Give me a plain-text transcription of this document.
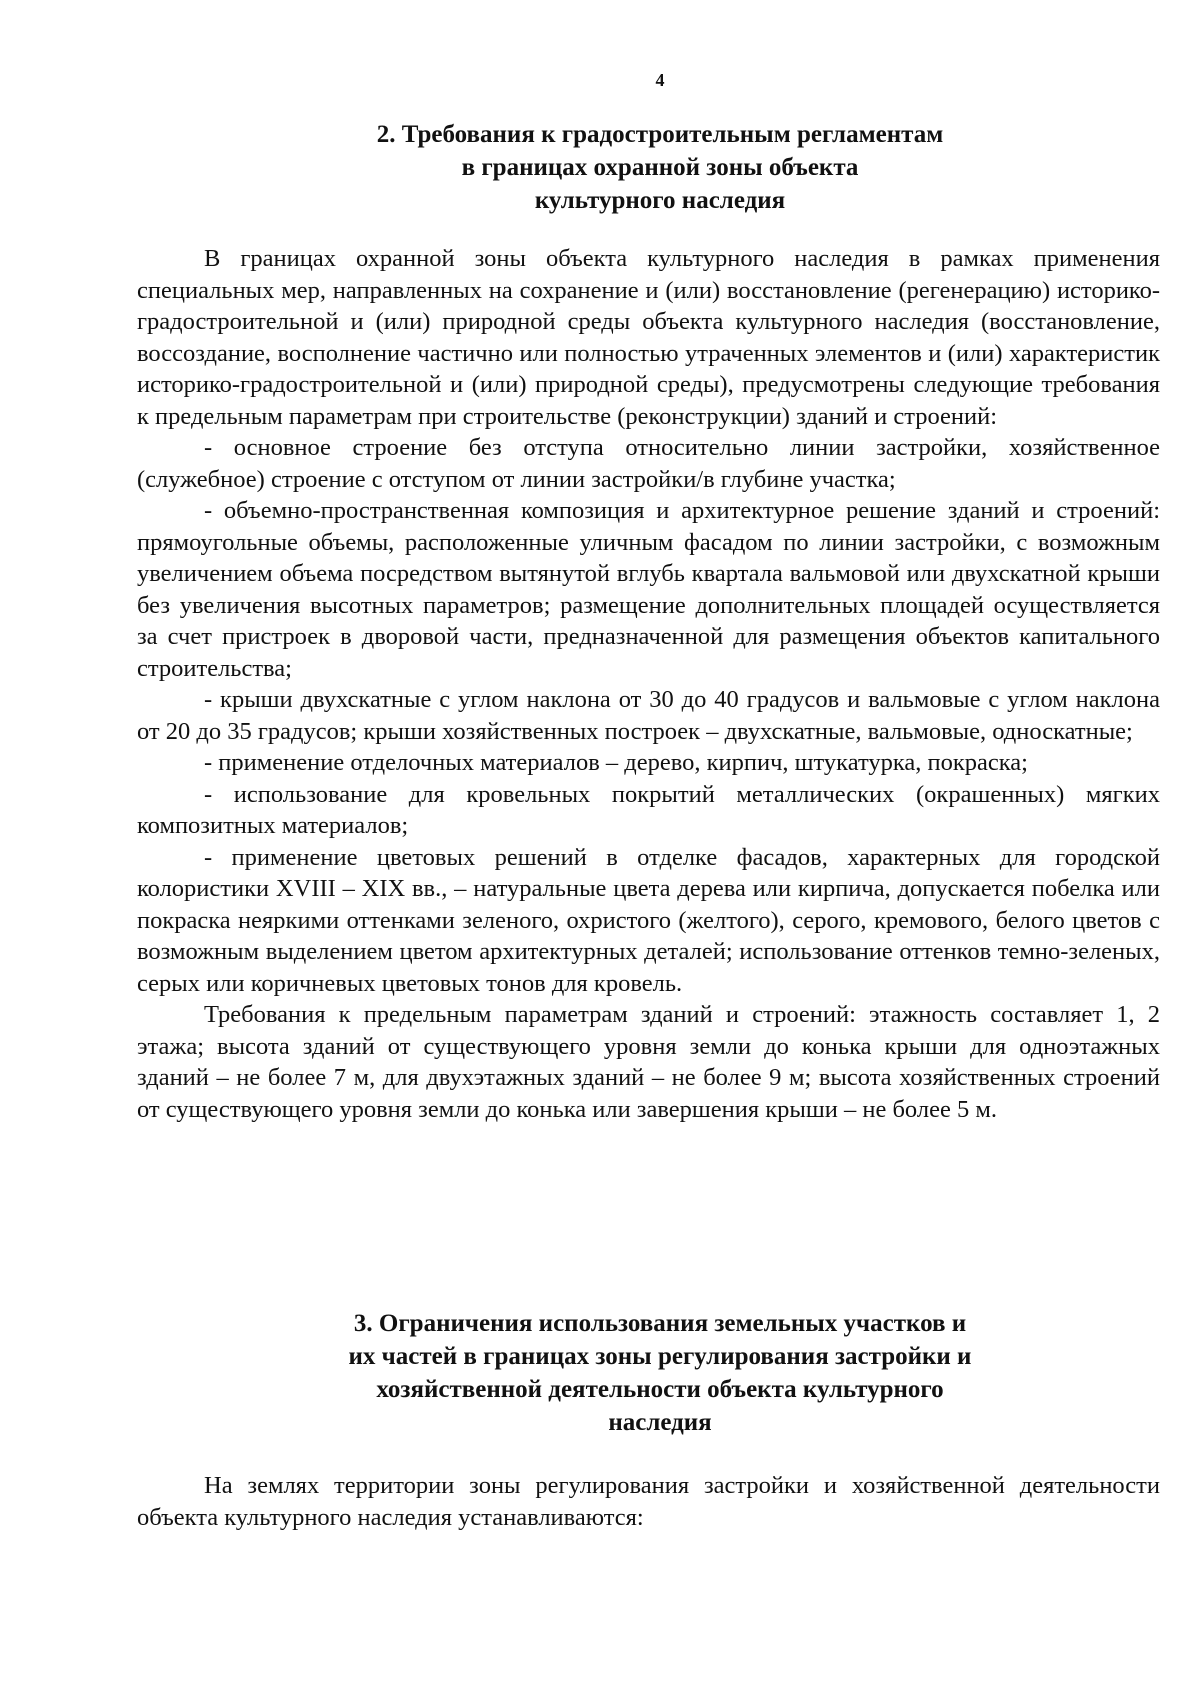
4
2. Требования к градостроительным регламентам
в границах охранной зоны объекта
культурного наследия

В границах охранной зоны объекта культурного наследия в рамках применения специальных мер, направленных на сохранение и (или) восстановление (регенерацию) историко-градостроительной и (или) природной среды объекта культурного наследия (восстановление, воссоздание, восполнение частично или полностью утраченных элементов и (или) характеристик историко-градостроительной и (или) природной среды), предусмотрены следующие требования к предельным параметрам при строительстве (реконструкции) зданий и строений:

- основное строение без отступа относительно линии застройки, хозяйственное (служебное) строение с отступом от линии застройки/в глубине участка;

- объемно-пространственная композиция и архитектурное решение зданий и строений: прямоугольные объемы, расположенные уличным фасадом по линии застройки, с возможным увеличением объема посредством вытянутой вглубь квартала вальмовой или двухскатной крыши без увеличения высотных параметров; размещение дополнительных площадей осуществляется за счет пристроек в дворовой части, предназначенной для размещения объектов капитального строительства;

- крыши двухскатные с углом наклона от 30 до 40 градусов и вальмовые с углом наклона от 20 до 35 градусов; крыши хозяйственных построек – двухскатные, вальмовые, односкатные;

- применение отделочных материалов – дерево, кирпич, штукатурка, покраска;

- использование для кровельных покрытий металлических (окрашенных) мягких композитных материалов;

- применение цветовых решений в отделке фасадов, характерных для городской колористики XVIII – XIX вв., – натуральные цвета дерева или кирпича, допускается побелка или покраска неяркими оттенками зеленого, охристого (желтого), серого, кремового, белого цветов с возможным выделением цветом архитектурных деталей; использование оттенков темно-зеленых, серых или коричневых цветовых тонов для кровель.

Требования к предельным параметрам зданий и строений: этажность составляет 1, 2 этажа; высота зданий от существующего уровня земли до конька крыши для одноэтажных зданий – не более 7 м, для двухэтажных зданий – не более 9 м; высота хозяйственных строений от существующего уровня земли до конька или завершения крыши – не более 5 м.

3. Ограничения использования земельных участков и
их частей в границах зоны регулирования застройки и
хозяйственной деятельности объекта культурного
наследия

На землях территории зоны регулирования застройки и хозяйственной деятельности объекта культурного наследия устанавливаются:
